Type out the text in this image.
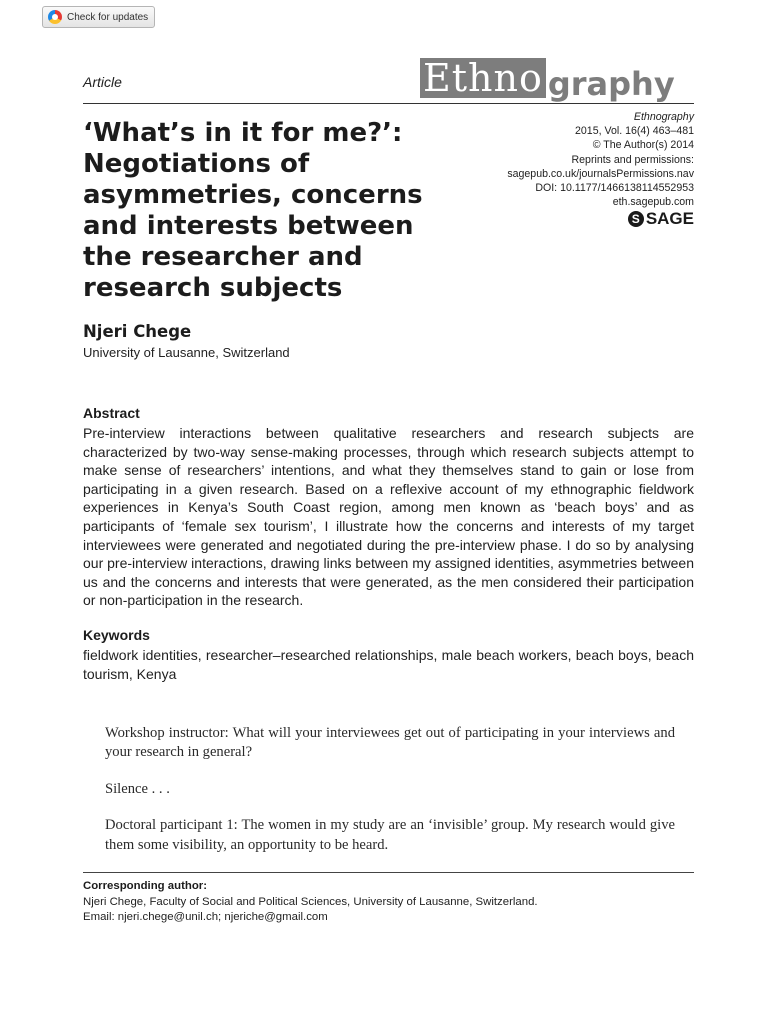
Check for updates
Article	Ethno graphy
‘What’s in it for me?’: Negotiations of asymmetries, concerns and interests between the researcher and research subjects
Ethnography
2015, Vol. 16(4) 463–481
© The Author(s) 2014
Reprints and permissions:
sagepub.co.uk/journalsPermissions.nav
DOI: 10.1177/1466138114552953
eth.sagepub.com
S SAGE
Njeri Chege
University of Lausanne, Switzerland
Abstract

Pre-interview interactions between qualitative researchers and research subjects are characterized by two-way sense-making processes, through which research subjects attempt to make sense of researchers’ intentions, and what they themselves stand to gain or lose from participating in a given research. Based on a reflexive account of my ethnographic fieldwork experiences in Kenya’s South Coast region, among men known as ‘beach boys’ and as participants of ‘female sex tourism’, I illustrate how the concerns and interests of my target interviewees were generated and negotiated during the pre-interview phase. I do so by analysing our pre-interview interactions, drawing links between my assigned identities, asymmetries between us and the concerns and interests that were generated, as the men considered their participation or non-participation in the research.

Keywords

fieldwork identities, researcher–researched relationships, male beach workers, beach boys, beach tourism, Kenya

Workshop instructor: What will your interviewees get out of participating in your interviews and your research in general?

Silence . . .

Doctoral participant 1: The women in my study are an ‘invisible’ group. My research would give them some visibility, an opportunity to be heard.

Corresponding author:
Njeri Chege, Faculty of Social and Political Sciences, University of Lausanne, Switzerland.
Email: njeri.chege@unil.ch; njeriche@gmail.com
